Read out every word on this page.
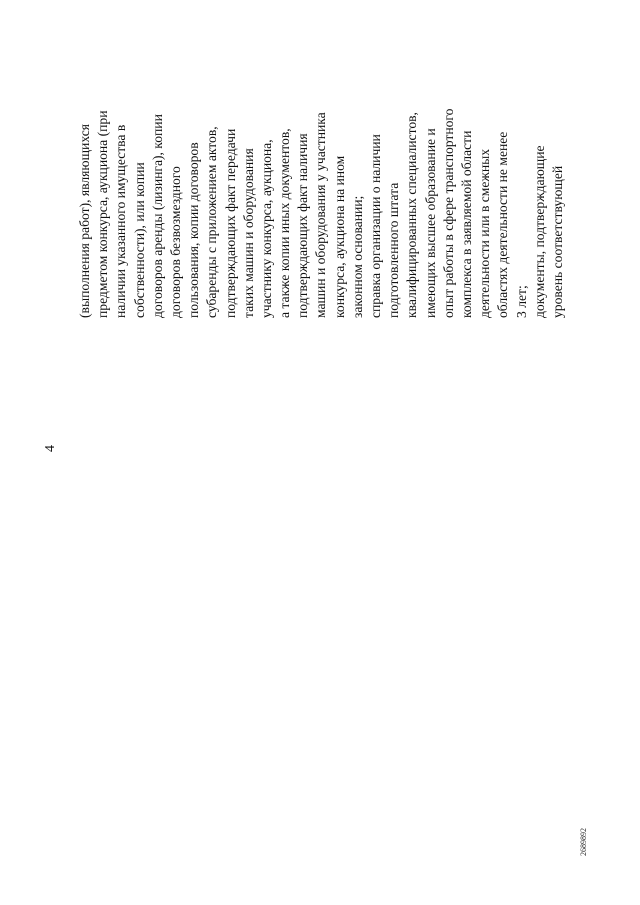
4
(выполнения работ), являющихся предметом конкурса, аукциона (при наличии указанного имущества в собственности), или копии договоров аренды (лизинга), копии договоров безвозмездного пользования, копии договоров субаренды с приложением актов, подтверждающих факт передачи таких машин и оборудования участнику конкурса, аукциона, а также копии иных документов, подтверждающих факт наличия машин и оборудования у участника конкурса, аукциона на ином законном основании; справка организации о наличии подготовленного штата квалифицированных специалистов, имеющих высшее образование и опыт работы в сфере транспортного комплекса в заявляемой области деятельности или в смежных областях деятельности не менее 3 лет; документы, подтверждающие уровень соответствующей
2689892
